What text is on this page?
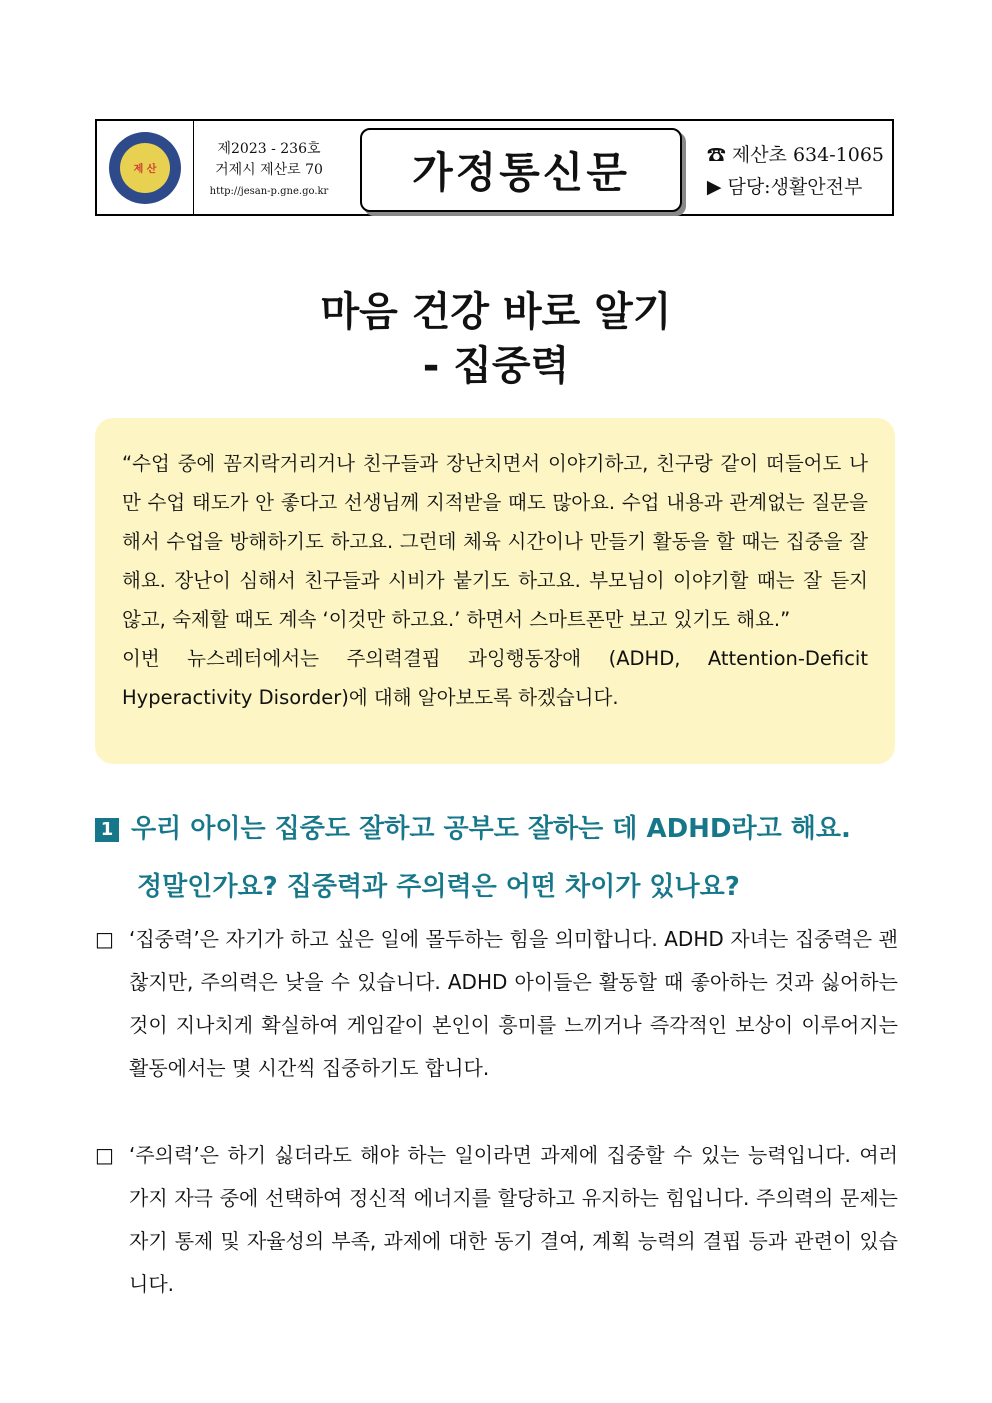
제 산
제2023 - 236호
거제시 제산로 70
http://jesan-p.gne.go.kr	가정통신문	☎ 제산초 634-1065
▶ 담당:생활안전부
마음 건강 바로 알기
- 집중력
“수업 중에 꼼지락거리거나 친구들과 장난치면서 이야기하고, 친구랑 같이 떠들어도 나만 수업 태도가 안 좋다고 선생님께 지적받을 때도 많아요. 수업 내용과 관계없는 질문을 해서 수업을 방해하기도 하고요. 그런데 체육 시간이나 만들기 활동을 할 때는 집중을 잘해요. 장난이 심해서 친구들과 시비가 붙기도 하고요. 부모님이 이야기할 때는 잘 듣지 않고, 숙제할 때도 계속 ‘이것만 하고요.’ 하면서 스마트폰만 보고 있기도 해요.”
이번 뉴스레터에서는 주의력결핍 과잉행동장애 (ADHD, Attention-Deficit Hyperactivity Disorder)에 대해 알아보도록 하겠습니다.
1 우리 아이는 집중도 잘하고 공부도 잘하는 데 ADHD라고 해요.
정말인가요? 집중력과 주의력은 어떤 차이가 있나요?
□ ‘집중력’은 자기가 하고 싶은 일에 몰두하는 힘을 의미합니다. ADHD 자녀는 집중력은 괜찮지만, 주의력은 낮을 수 있습니다. ADHD 아이들은 활동할 때 좋아하는 것과 싫어하는 것이 지나치게 확실하여 게임같이 본인이 흥미를 느끼거나 즉각적인 보상이 이루어지는 활동에서는 몇 시간씩 집중하기도 합니다.
□ ‘주의력’은 하기 싫더라도 해야 하는 일이라면 과제에 집중할 수 있는 능력입니다. 여러 가지 자극 중에 선택하여 정신적 에너지를 할당하고 유지하는 힘입니다. 주의력의 문제는 자기 통제 및 자율성의 부족, 과제에 대한 동기 결여, 계획 능력의 결핍 등과 관련이 있습니다.
